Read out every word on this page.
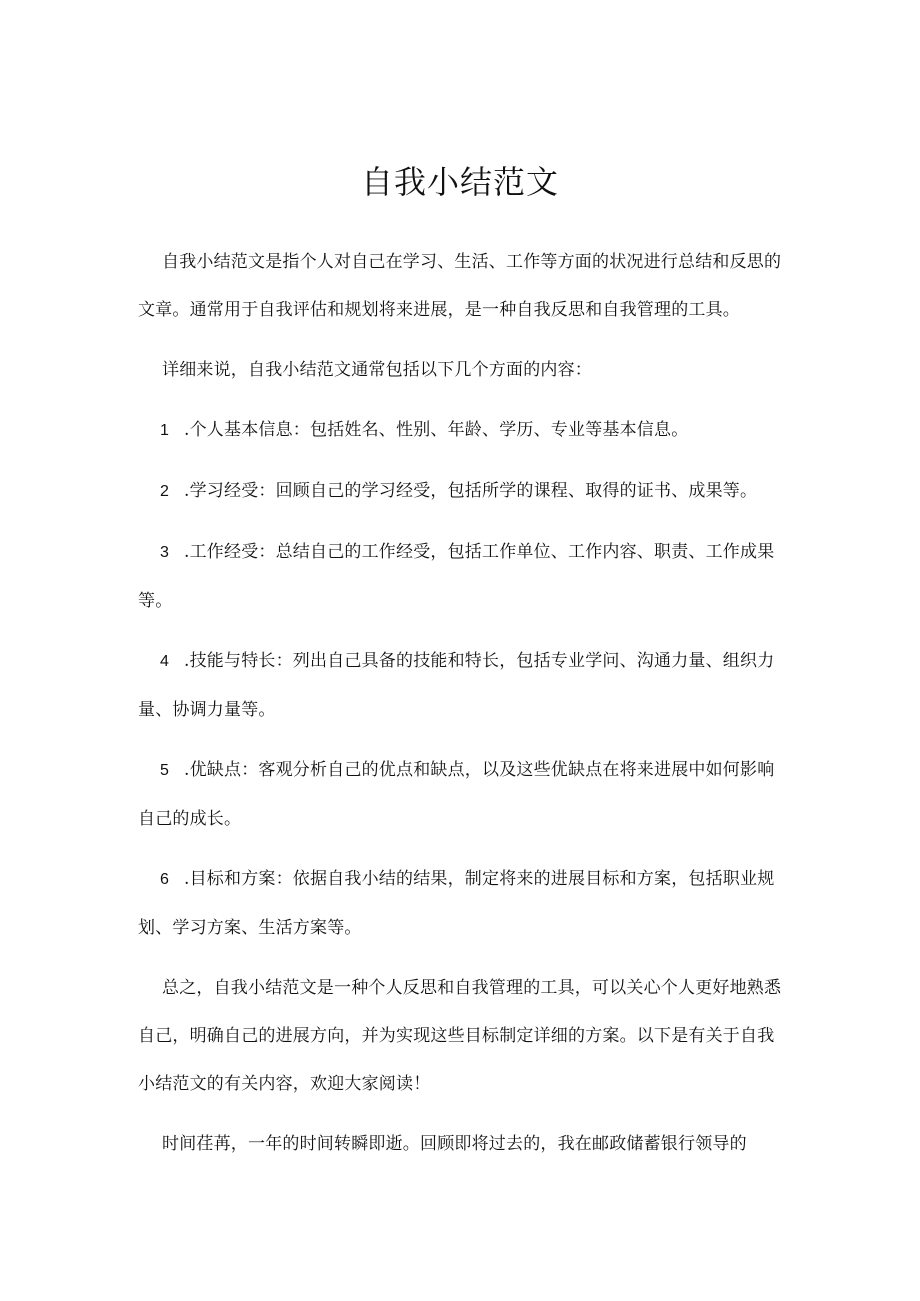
自我小结范文

自我小结范文是指个人对自己在学习、生活、工作等方面的状况进行总结和反思的文章。通常用于自我评估和规划将来进展，是一种自我反思和自我管理的工具。

详细来说，自我小结范文通常包括以下几个方面的内容：

1 .个人基本信息：包括姓名、性别、年龄、学历、专业等基本信息。

2 .学习经受：回顾自己的学习经受，包括所学的课程、取得的证书、成果等。

3 .工作经受：总结自己的工作经受，包括工作单位、工作内容、职责、工作成果等。

4 .技能与特长：列出自己具备的技能和特长，包括专业学问、沟通力量、组织力量、协调力量等。

5 .优缺点：客观分析自己的优点和缺点，以及这些优缺点在将来进展中如何影响自己的成长。

6 .目标和方案：依据自我小结的结果，制定将来的进展目标和方案，包括职业规划、学习方案、生活方案等。

总之，自我小结范文是一种个人反思和自我管理的工具，可以关心个人更好地熟悉自己，明确自己的进展方向，并为实现这些目标制定详细的方案。以下是有关于自我小结范文的有关内容，欢迎大家阅读！

时间荏苒，一年的时间转瞬即逝。回顾即将过去的，我在邮政储蓄银行领导的
